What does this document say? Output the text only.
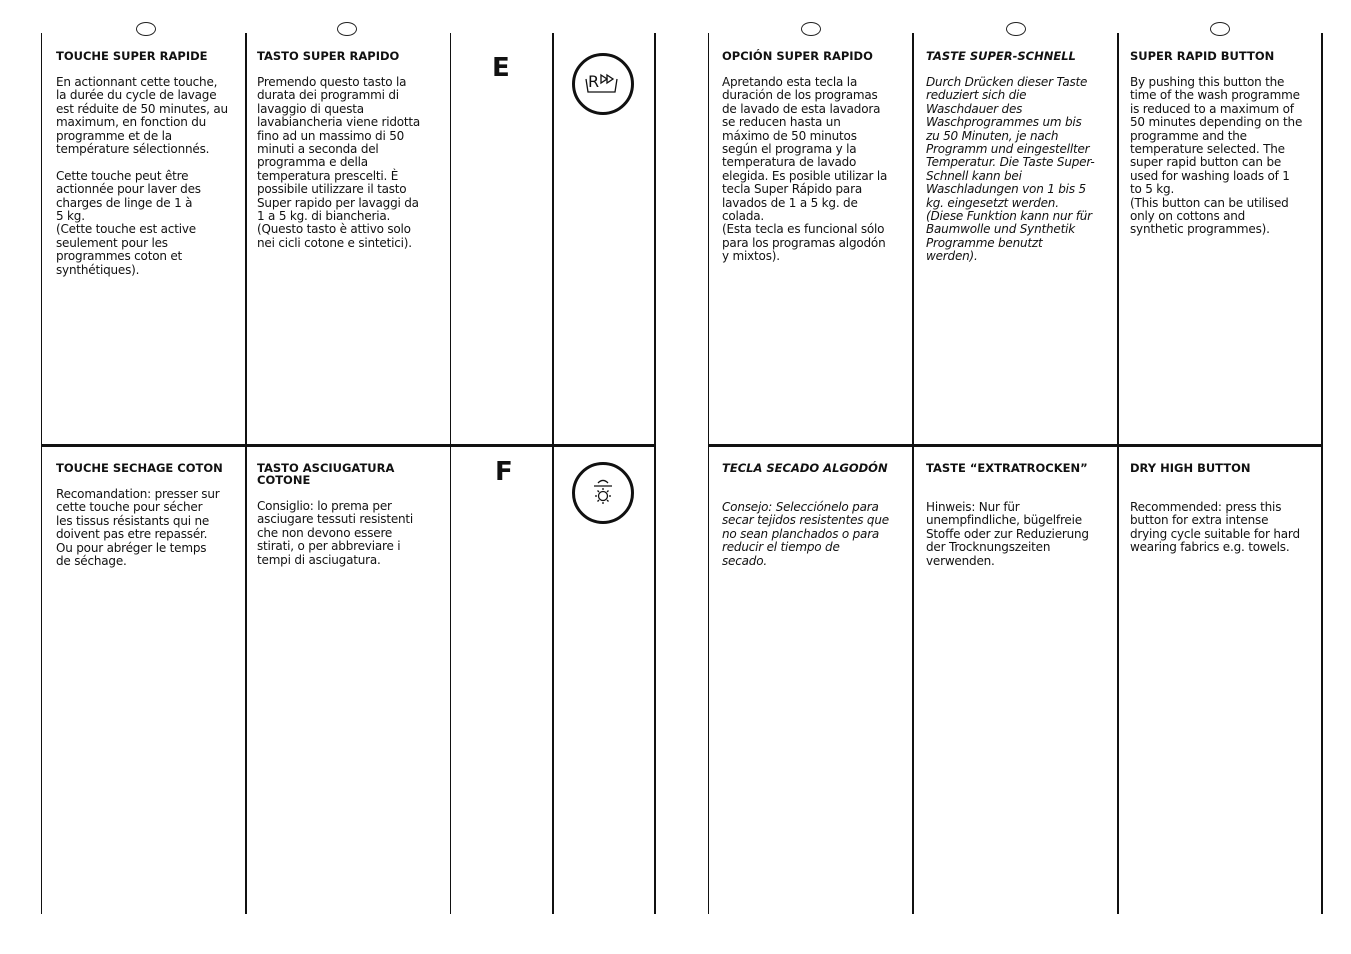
TOUCHE SUPER RAPIDE
En actionnant cette touche,
la durée du cycle de lavage
est réduite de 50 minutes, au
maximum, en fonction du
programme et de la
température sélectionnés.

Cette touche peut être
actionnée pour laver des
charges de linge de 1 à
5 kg.
(Cette touche est active
seulement pour les
programmes coton et
synthétiques).
TASTO SUPER RAPIDO
Premendo questo tasto la
durata dei programmi di
lavaggio di questa
lavabiancheria viene ridotta
fino ad un massimo di 50
minuti a seconda del
programma e della
temperatura prescelti. È
possibile utilizzare il tasto
Super rapido per lavaggi da
1 a 5 kg. di biancheria.
(Questo tasto è attivo solo
nei cicli cotone e sintetici).
E	R
OPCIÓN SUPER RAPIDO
Apretando esta tecla la
duración de los programas
de lavado de esta lavadora
se reducen hasta un
máximo de 50 minutos
según el programa y la
temperatura de lavado
elegida. Es posible utilizar la
tecla Super Rápido para
lavados de 1 a 5 kg. de
colada.
(Esta tecla es funcional sólo
para los programas algodón
y mixtos).
TASTE SUPER-SCHNELL
Durch Drücken dieser Taste
reduziert sich die
Waschdauer des
Waschprogrammes um bis
zu 50 Minuten, je nach
Programm und eingestellter
Temperatur. Die Taste Super-
Schnell kann bei
Waschladungen von 1 bis 5
kg. eingesetzt werden.
(Diese Funktion kann nur für
Baumwolle und Synthetik
Programme benutzt
werden).
SUPER RAPID BUTTON
By pushing this button the
time of the wash programme
is reduced to a maximum of
50 minutes depending on the
programme and the
temperature selected. The
super rapid button can be
used for washing loads of 1
to 5 kg.
(This button can be utilised
only on cottons and
synthetic programmes).
TOUCHE SECHAGE COTON
Recomandation: presser sur
cette touche pour sécher
les tissus résistants qui ne
doivent pas etre repassér.
Ou pour abréger le temps
de séchage.
TASTO ASCIUGATURA
COTONE
Consiglio: lo prema per
asciugare tessuti resistenti
che non devono essere
stirati, o per abbreviare i
tempi di asciugatura.
F	TECLA SECADO ALGODÓN
Consejo: Selecciónelo para
secar tejidos resistentes que
no sean planchados o para
reducir el tiempo de
secado.
TASTE “EXTRATROCKEN”
Hinweis: Nur für
unempfindliche, bügelfreie
Stoffe oder zur Reduzierung
der Trocknungszeiten
verwenden.
DRY HIGH BUTTON
Recommended: press this
button for extra intense
drying cycle suitable for hard
wearing fabrics e.g. towels.
